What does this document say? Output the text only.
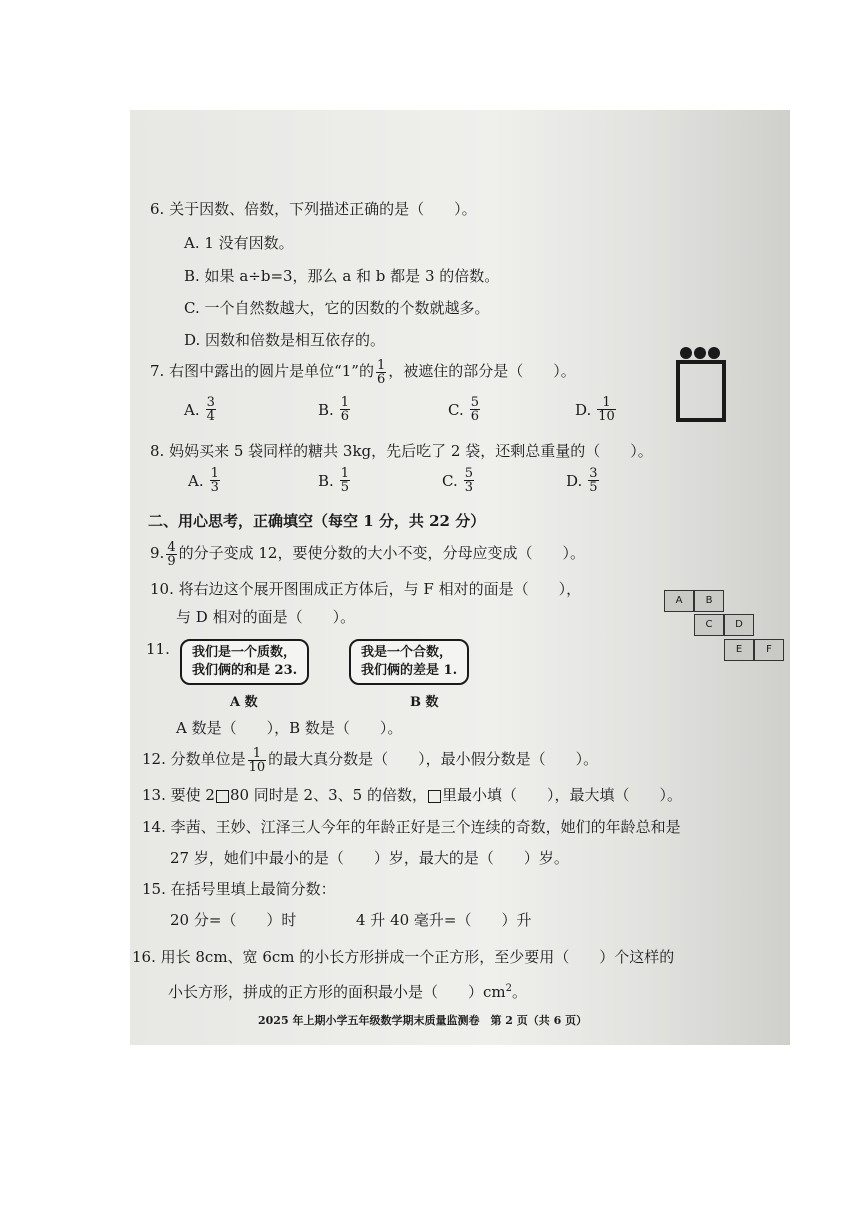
6. 关于因数、倍数，下列描述正确的是（　　）。
A. 1 没有因数。
B. 如果 a÷b=3，那么 a 和 b 都是 3 的倍数。
C. 一个自然数越大，它的因数的个数就越多。
D. 因数和倍数是相互依存的。
7. 右图中露出的圆片是单位“1”的 $\frac{1}{6}$ ，被遮住的部分是（　　）。
A. $\frac{3}{4}$	B. $\frac{1}{6}$	C. $\frac{5}{6}$	D. $\frac{1}{10}$
8. 妈妈买来 5 袋同样的糖共 3kg，先后吃了 2 袋，还剩总重量的（　　）。
A. $\frac{1}{3}$	B. $\frac{1}{5}$	C. $\frac{5}{3}$	D. $\frac{3}{5}$
二、用心思考，正确填空（每空 1 分，共 22 分）
9. $\frac{4}{9}$ 的分子变成 12，要使分数的大小不变，分母应变成（　　）。
10. 将右边这个展开图围成正方体后，与 F 相对的面是（　　），
与 D 相对的面是（　　）。
A	B
C	D
E	F
11. 我们是一个质数，
我们俩的和是 23.
我是一个合数，
我们俩的差是 1.
A 数	B 数
A 数是（　　），B 数是（　　）。
12. 分数单位是 $\frac{1}{10}$ 的最大真分数是（　　），最小假分数是（　　）。
13. 要使 2 80 同时是 2、3、5 的倍数， 里最小填（　　），最大填（　　）。
14. 李茜、王妙、江泽三人今年的年龄正好是三个连续的奇数，她们的年龄总和是
27 岁，她们中最小的是（　　）岁，最大的是（　　）岁。
15. 在括号里填上最简分数：
20 分=（　　）时	4 升 40 毫升=（　　）升
16. 用长 8cm、宽 6cm 的小长方形拼成一个正方形，至少要用（　　）个这样的
小长方形，拼成的正方形的面积最小是（　　）$cm^2$。
2025 年上期小学五年级数学期末质量监测卷　第 2 页（共 6 页）
